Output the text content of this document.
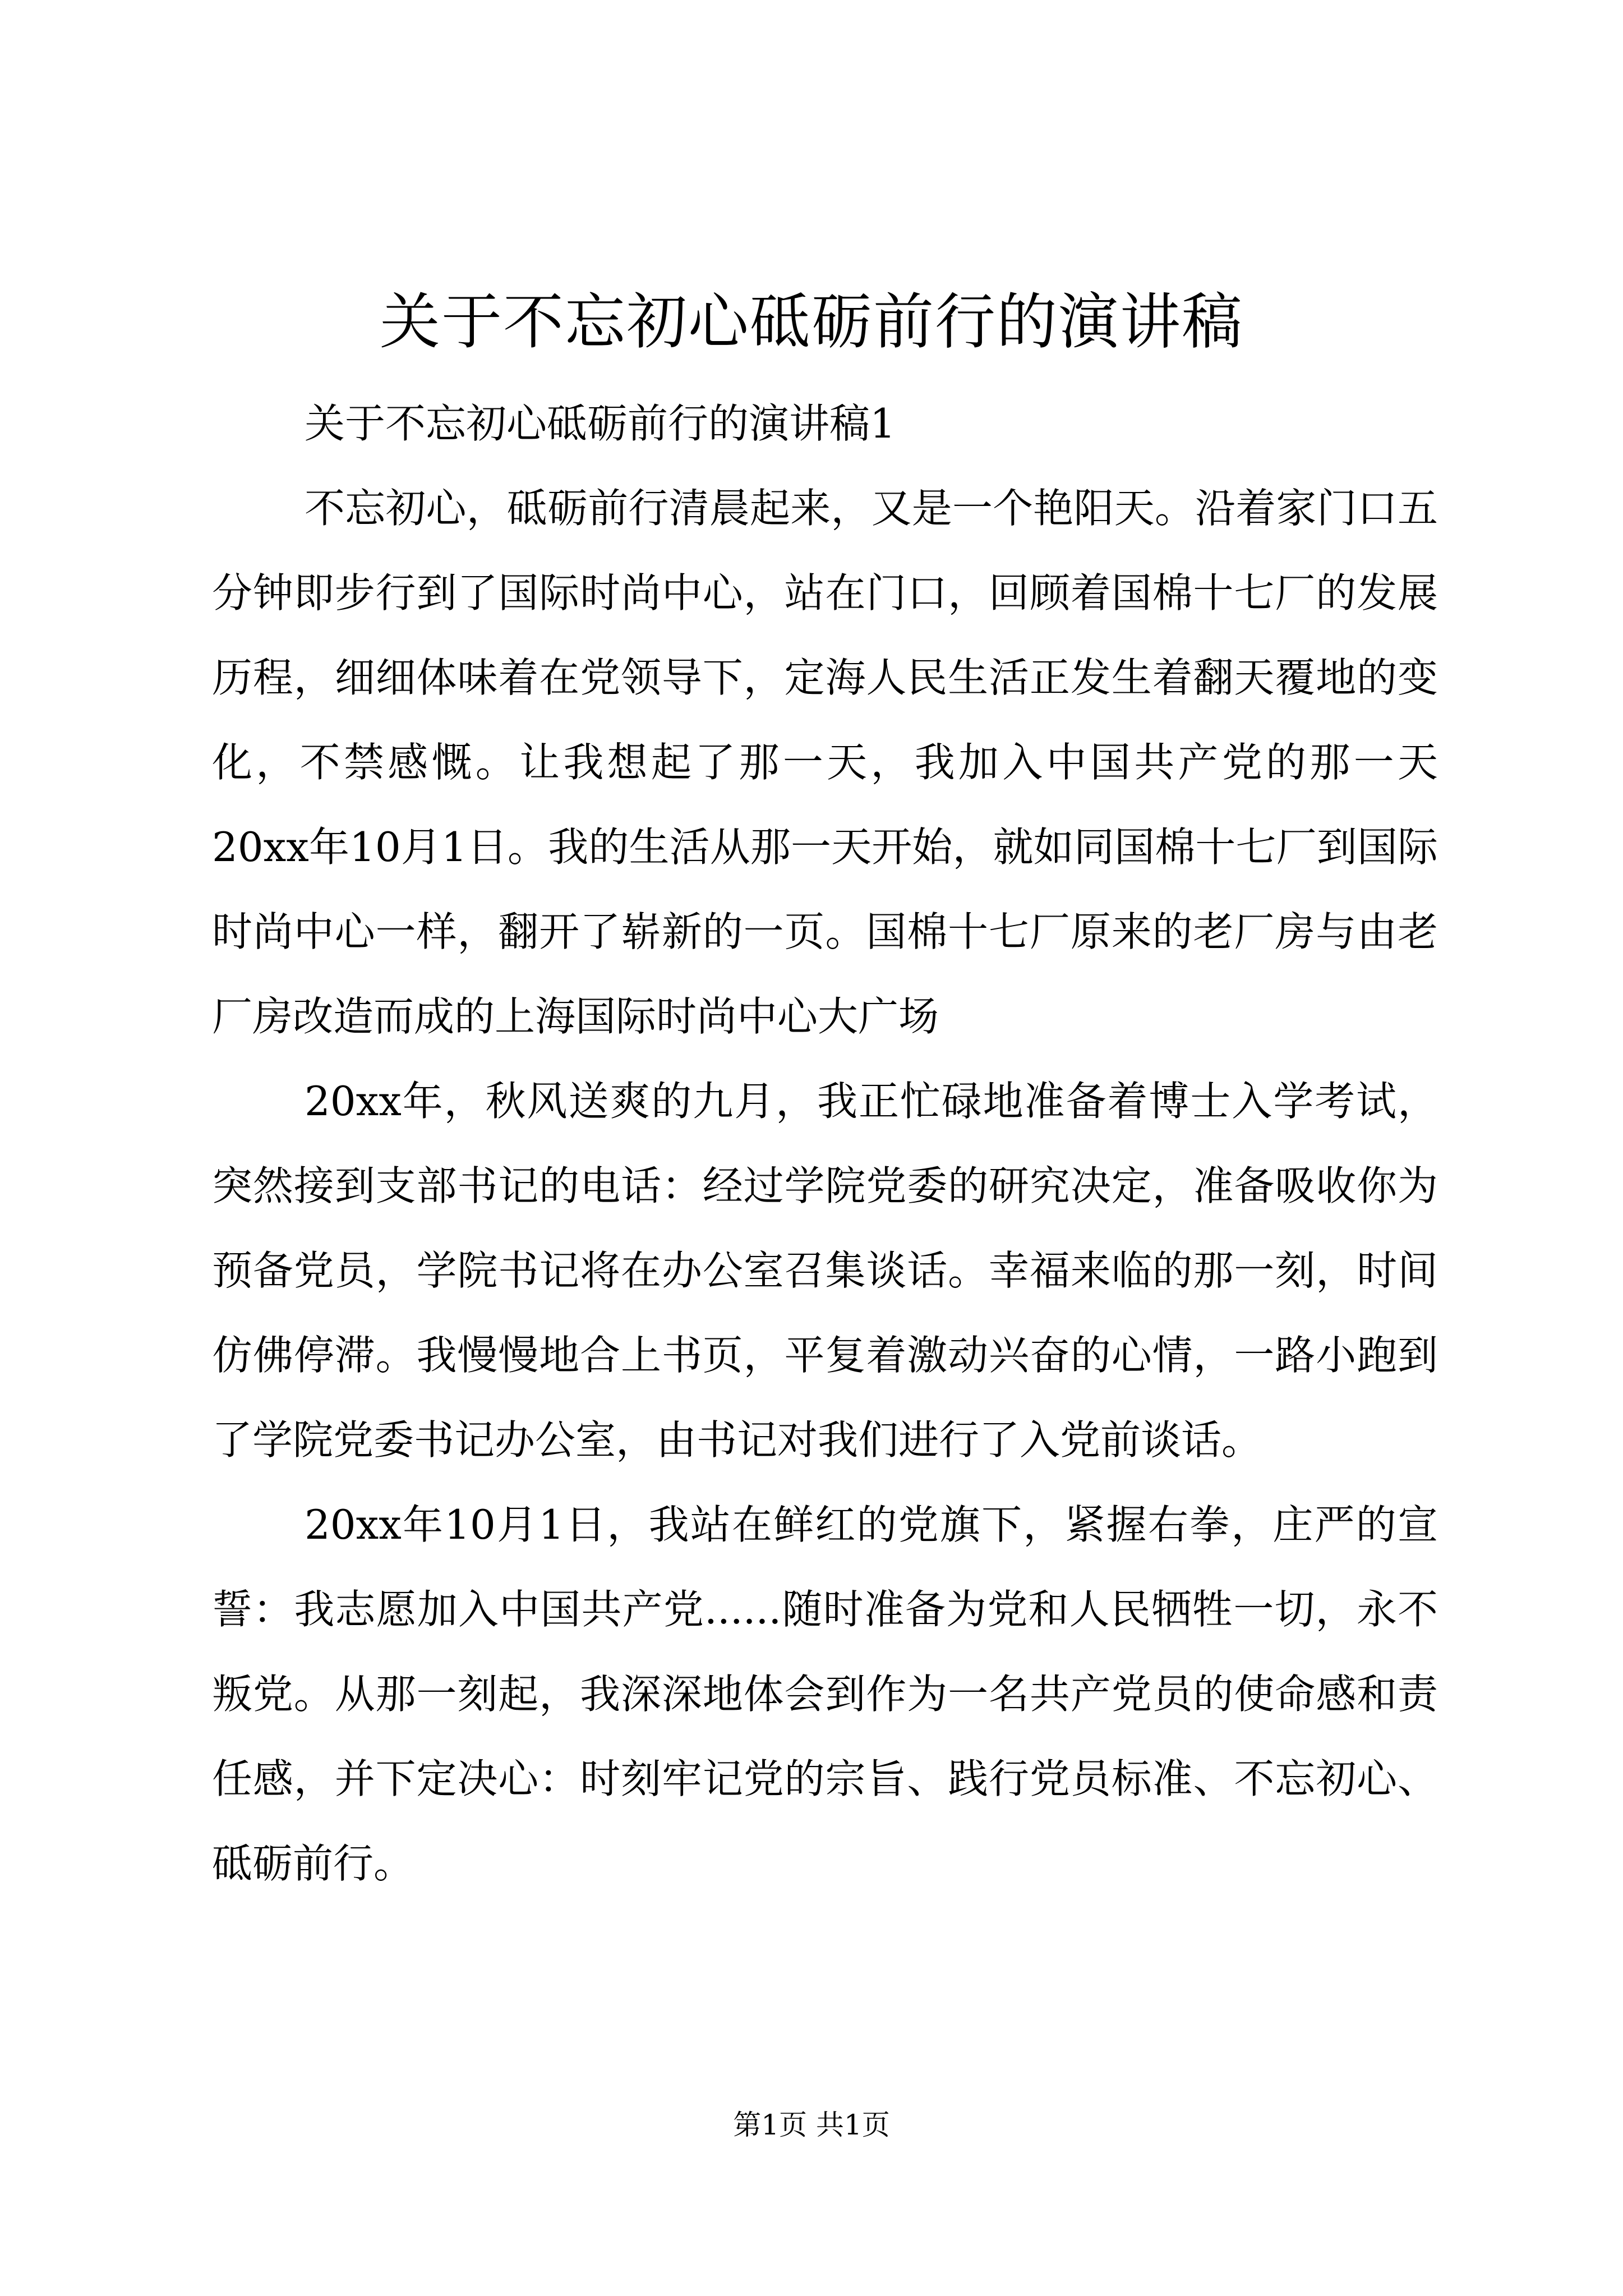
关于不忘初心砥砺前行的演讲稿

关于不忘初心砥砺前行的演讲稿1

不忘初心，砥砺前行清晨起来，又是一个艳阳天。沿着家门口五分钟即步行到了国际时尚中心，站在门口，回顾着国棉十七厂的发展历程，细细体味着在党领导下，定海人民生活正发生着翻天覆地的变化，不禁感慨。让我想起了那一天，我加入中国共产党的那一天20xx年10月1日。我的生活从那一天开始，就如同国棉十七厂到国际时尚中心一样，翻开了崭新的一页。国棉十七厂原来的老厂房与由老厂房改造而成的上海国际时尚中心大广场

20xx年，秋风送爽的九月，我正忙碌地准备着博士入学考试，突然接到支部书记的电话：经过学院党委的研究决定，准备吸收你为预备党员，学院书记将在办公室召集谈话。幸福来临的那一刻，时间仿佛停滞。我慢慢地合上书页，平复着激动兴奋的心情，一路小跑到了学院党委书记办公室，由书记对我们进行了入党前谈话。

20xx年10月1日，我站在鲜红的党旗下，紧握右拳，庄严的宣誓：我志愿加入中国共产党......随时准备为党和人民牺牲一切，永不叛党。从那一刻起，我深深地体会到作为一名共产党员的使命感和责任感，并下定决心：时刻牢记党的宗旨、践行党员标准、不忘初心、砥砺前行。

第1页 共1页
